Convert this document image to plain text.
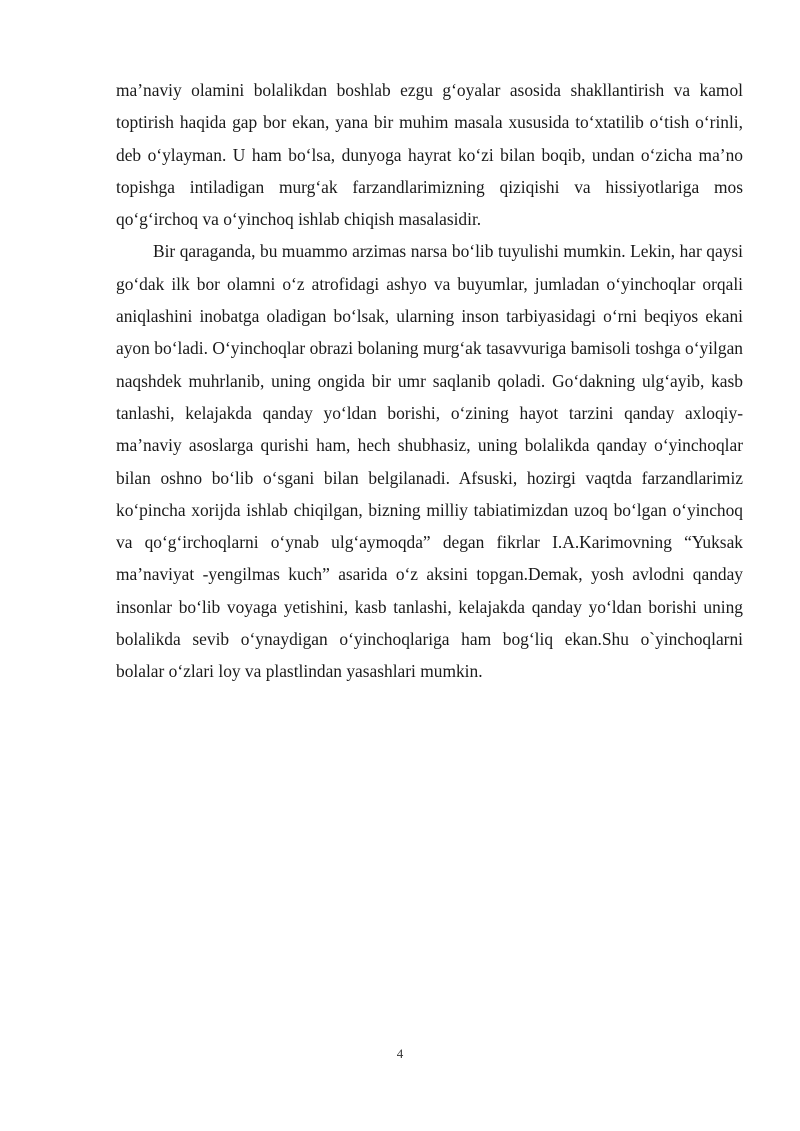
ma’naviy olamini bolalikdan boshlab ezgu g‘oyalar asosida shakllantirish va kamol toptirish haqida gap bor ekan, yana bir muhim masala xususida to‘xtatilib o‘tish o‘rinli, deb o‘ylayman. U ham bo‘lsa, dunyoga hayrat ko‘zi bilan boqib, undan o‘zicha ma’no topishga intiladigan murg‘ak farzandlarimizning qiziqishi va hissiyotlariga mos qo‘g‘irchoq va o‘yinchoq ishlab chiqish masalasidir.

Bir qaraganda, bu muammo arzimas narsa bo‘lib tuyulishi mumkin. Lekin, har qaysi go‘dak ilk bor olamni o‘z atrofidagi ashyo va buyumlar, jumladan o‘yinchoqlar orqali aniqlashini inobatga oladigan bo‘lsak, ularning inson tarbiyasidagi o‘rni beqiyos ekani ayon bo‘ladi. O‘yinchoqlar obrazi bolaning murg‘ak tasavvuriga bamisoli toshga o‘yilgan naqshdek muhrlanib, uning ongida bir umr saqlanib qoladi. Go‘dakning ulg‘ayib, kasb tanlashi, kelajakda qanday yo‘ldan borishi, o‘zining hayot tarzini qanday axloqiy-ma’naviy asoslarga qurishi ham, hech shubhasiz, uning bolalikda qanday o‘yinchoqlar bilan oshno bo‘lib o‘sgani bilan belgilanadi. Afsuski, hozirgi vaqtda farzandlarimiz ko‘pincha xorijda ishlab chiqilgan, bizning milliy tabiatimizdan uzoq bo‘lgan o‘yinchoq va qo‘g‘irchoqlarni o‘ynab ulg‘aymoqda” degan fikrlar I.A.Karimovning “Yuksak ma’naviyat -yengilmas kuch” asarida o‘z aksini topgan.Demak, yosh avlodni qanday insonlar bo‘lib voyaga yetishini, kasb tanlashi, kelajakda qanday yo‘ldan borishi uning bolalikda sevib o‘ynaydigan o‘yinchoqlariga ham bog‘liq ekan.Shu o`yinchoqlarni bolalar o‘zlari loy va plastlindan yasashlari mumkin.

4
